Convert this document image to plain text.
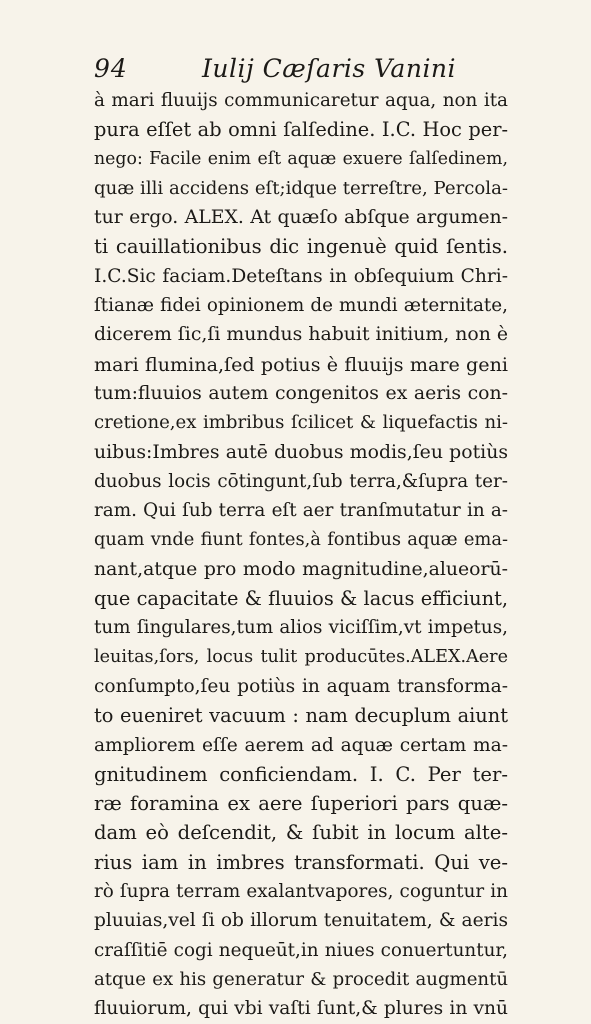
94	Iulij Cæſaris Vanini
à mari fluuijs communicaretur aqua, non ita
pura eſſet ab omni ſalſedine. I.C. Hoc per-
nego: Facile enim eſt aquæ exuere ſalſedinem,
quæ illi accidens eſt;idque terreſtre, Percola-
tur ergo. ALEX. At quæſo abſque argumen-
ti cauillationibus dic ingenuè quid ſentis.
I.C.Sic faciam.Deteſtans in obſequium Chri-
ſtianæ fidei opinionem de mundi æternitate,
dicerem ſic,ſi mundus habuit initium, non è
mari flumina,ſed potius è fluuijs mare geni
tum:fluuios autem congenitos ex aeris con-
cretione,ex imbribus ſcilicet & liquefactis ni-
uibus:Imbres autē duobus modis,ſeu potiùs
duobus locis cōtingunt,ſub terra,&ſupra ter-
ram. Qui ſub terra eſt aer tranſmutatur in a-
quam vnde fiunt fontes,à fontibus aquæ ema-
nant,atque pro modo magnitudine,alueorū-
que capacitate & fluuios & lacus efficiunt,
tum ſingulares,tum alios viciſſim,vt impetus,
leuitas,ſors, locus tulit producūtes.ALEX.Aere
conſumpto,ſeu potiùs in aquam transforma-
to eueniret vacuum : nam decuplum aiunt
ampliorem eſſe aerem ad aquæ certam ma-
gnitudinem conficiendam. I. C. Per ter-
ræ foramina ex aere ſuperiori pars quæ-
dam eò deſcendit, & ſubit in locum alte-
rius iam in imbres transformati. Qui ve-
rò ſupra terram exalantvapores, coguntur in
pluuias,vel ſi ob illorum tenuitatem, & aeris
craſſitiē cogi nequeūt,in niues conuertuntur,
atque ex his generatur & procedit augmentū
fluuiorum, qui vbi vaſti ſunt,& plures in vnū
